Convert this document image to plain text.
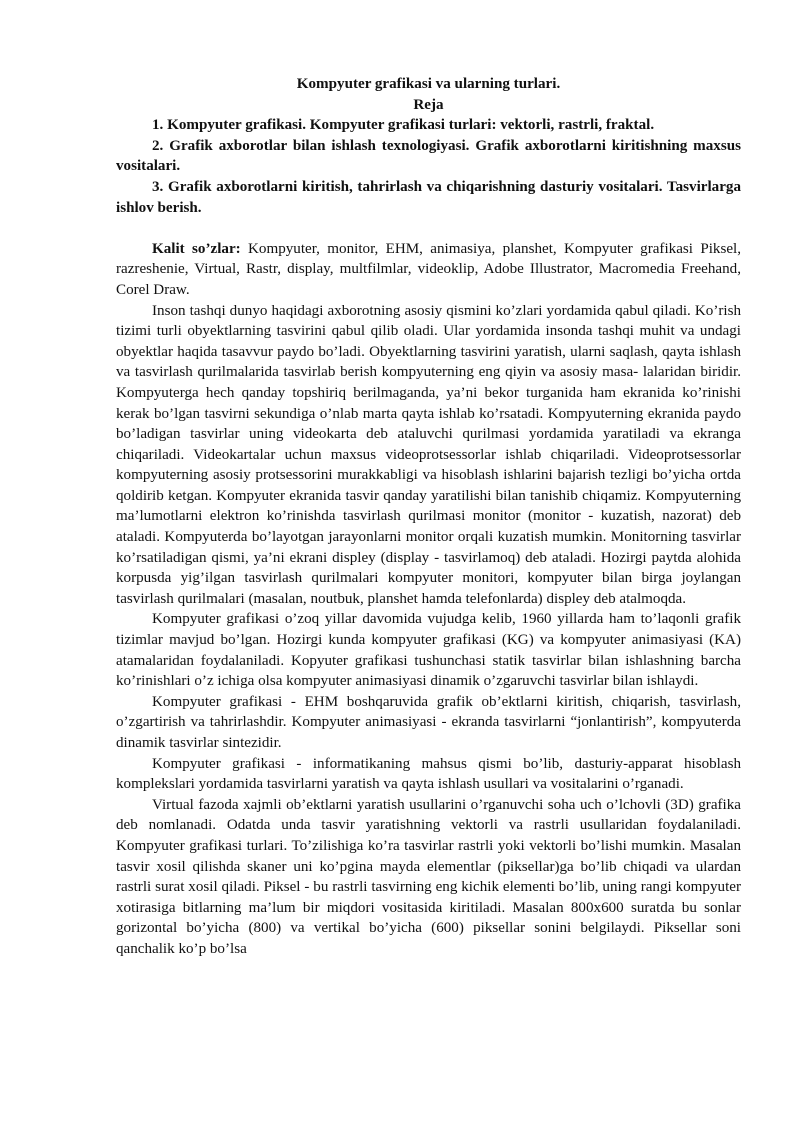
Kompyuter grafikasi va ularning turlari.

Reja

1. Kompyuter grafikasi. Kompyuter grafikasi turlari: vektorli, rastrli, fraktal.

2. Grafik axborotlar bilan ishlash texnologiyasi. Grafik axborotlarni kiritishning maxsus vositalari.

3. Grafik axborotlarni kiritish, tahrirlash va chiqarishning dasturiy vositalari. Tasvirlarga ishlov berish.

Kalit so’zlar: Kompyuter, monitor, EHM, animasiya, planshet, Kompyuter grafikasi Piksel, razreshenie, Virtual, Rastr, display, multfilmlar, videoklip, Adobe Illustrator, Macromedia Freehand, Corel Draw.

Inson tashqi dunyo haqidagi axborotning asosiy qismini ko’zlari yordamida qabul qiladi. Ko’rish tizimi turli obyektlarning tasvirini qabul qilib oladi. Ular yordamida insonda tashqi muhit va undagi obyektlar haqida tasavvur paydo bo’ladi. Obyektlarning tasvirini yaratish, ularni saqlash, qayta ishlash va tasvirlash qurilmalarida tasvirlab berish kompyuterning eng qiyin va asosiy masa- lalaridan biridir. Kompyuterga hech qanday topshiriq berilmaganda, ya’ni bekor turganida ham ekranida ko’rinishi kerak bo’lgan tasvirni sekundiga o’nlab marta qayta ishlab ko’rsatadi. Kompyuterning ekranida paydo bo’ladigan tasvirlar uning videokarta deb ataluvchi qurilmasi yordamida yaratiladi va ekranga chiqariladi. Videokartalar uchun maxsus videoprotsessorlar ishlab chiqariladi. Videoprotsessorlar kompyuterning asosiy protsessorini murakkabligi va hisoblash ishlarini bajarish tezligi bo’yicha ortda qoldirib ketgan. Kompyuter ekranida tasvir qanday yaratilishi bilan tanishib chiqamiz. Kompyuterning ma’lumotlarni elektron ko’rinishda tasvirlash qurilmasi monitor (monitor - kuzatish, nazorat) deb ataladi. Kompyuterda bo’layotgan jarayonlarni monitor orqali kuzatish mumkin. Monitorning tasvirlar ko’rsatiladigan qismi, ya’ni ekrani displey (display - tasvirlamoq) deb ataladi. Hozirgi paytda alohida korpusda yig’ilgan tasvirlash qurilmalari kompyuter monitori, kompyuter bilan birga joylangan tasvirlash qurilmalari (masalan, noutbuk, planshet hamda telefonlarda) displey deb atalmoqda.

Kompyuter grafikasi o’zoq yillar davomida vujudga kelib, 1960 yillarda ham to’laqonli grafik tizimlar mavjud bo’lgan. Hozirgi kunda kompyuter grafikasi (KG) va kompyuter animasiyasi (KA) atamalaridan foydalaniladi. Kopyuter grafikasi tushunchasi statik tasvirlar bilan ishlashning barcha ko’rinishlari o’z ichiga olsa kompyuter animasiyasi dinamik o’zgaruvchi tasvirlar bilan ishlaydi.

Kompyuter grafikasi - EHM boshqaruvida grafik ob’ektlarni kiritish, chiqarish, tasvirlash, o’zgartirish va tahrirlashdir. Kompyuter animasiyasi - ekranda tasvirlarni “jonlantirish”, kompyuterda dinamik tasvirlar sintezidir.

Kompyuter grafikasi - informatikaning mahsus qismi bo’lib, dasturiy-apparat hisoblash komplekslari yordamida tasvirlarni yaratish va qayta ishlash usullari va vositalarini o’rganadi.

Virtual fazoda xajmli ob’ektlarni yaratish usullarini o’rganuvchi soha uch o’lchovli (3D) grafika deb nomlanadi. Odatda unda tasvir yaratishning vektorli va rastrli usullaridan foydalaniladi. Kompyuter grafikasi turlari. To’zilishiga ko’ra tasvirlar rastrli yoki vektorli bo’lishi mumkin. Masalan tasvir xosil qilishda skaner uni ko’pgina mayda elementlar (piksellar)ga bo’lib chiqadi va ulardan rastrli surat xosil qiladi. Piksel - bu rastrli tasvirning eng kichik elementi bo’lib, uning rangi kompyuter xotirasiga bitlarning ma’lum bir miqdori vositasida kiritiladi. Masalan 800x600 suratda bu sonlar gorizontal bo’yicha (800) va vertikal bo’yicha (600) piksellar sonini belgilaydi. Piksellar soni qanchalik ko’p bo’lsa
